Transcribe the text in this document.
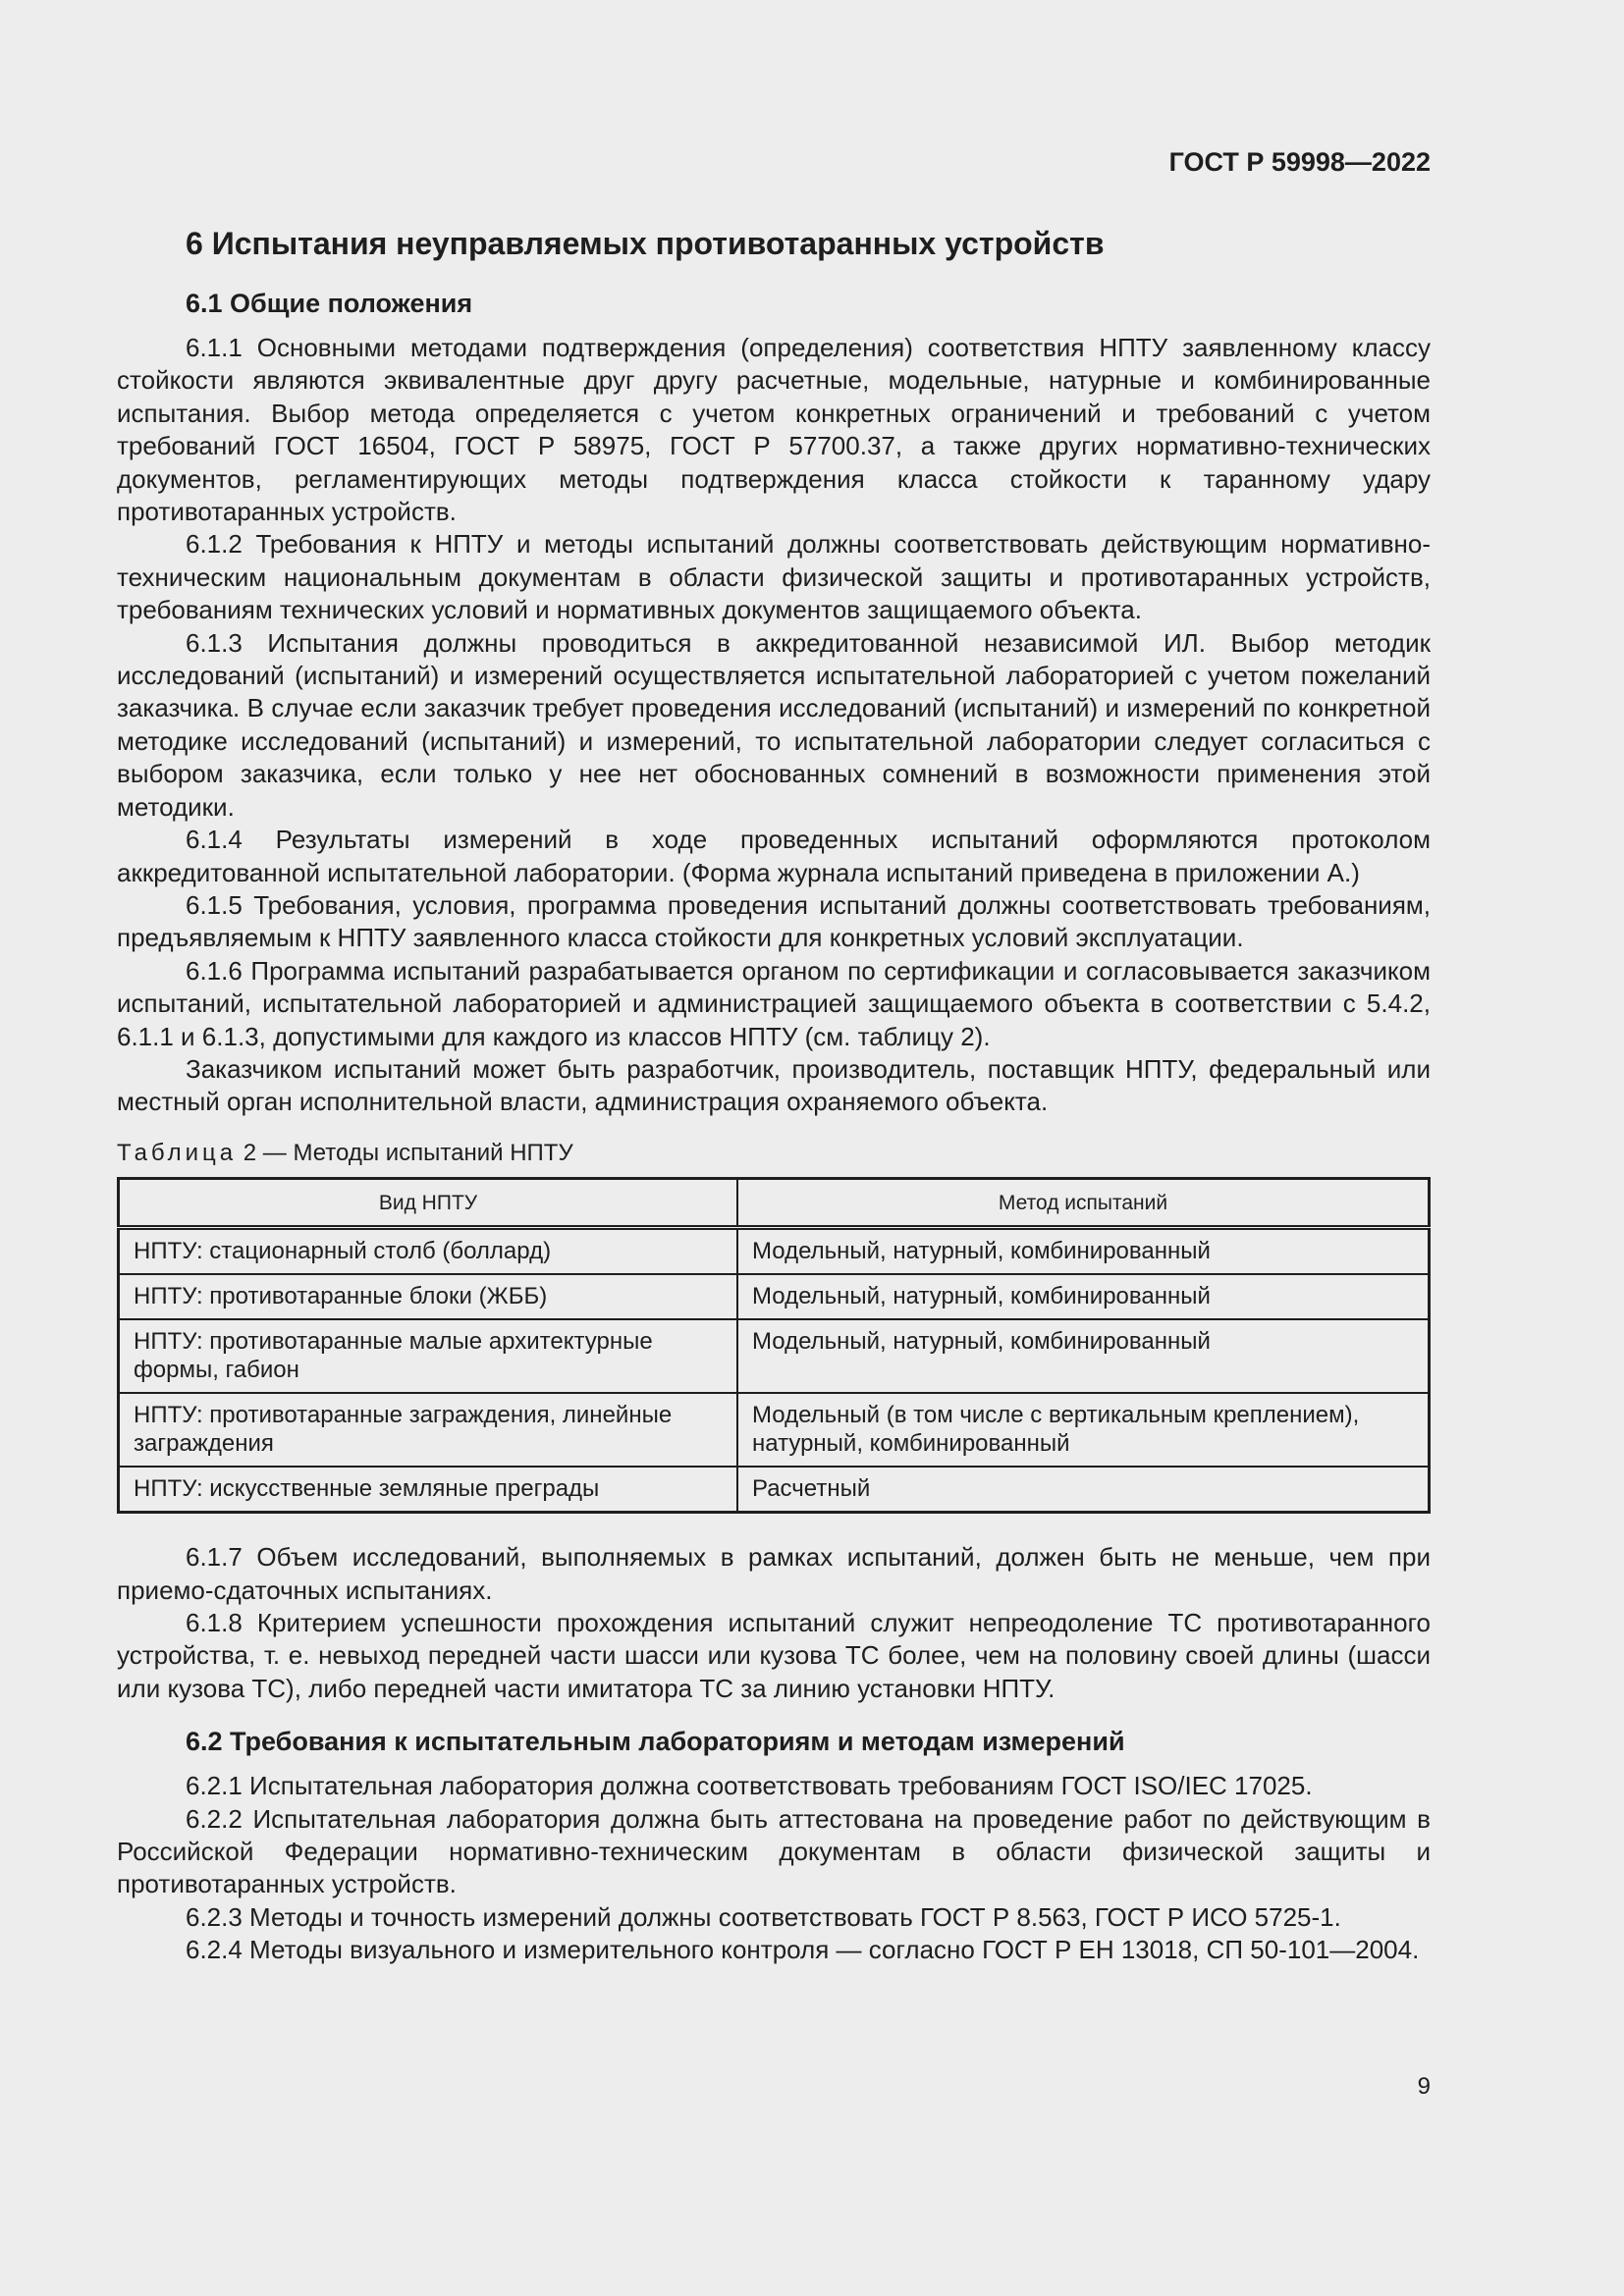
ГОСТ Р 59998—2022
6 Испытания неуправляемых противотаранных устройств
6.1 Общие положения

6.1.1 Основными методами подтверждения (определения) соответствия НПТУ заявленному классу стойкости являются эквивалентные друг другу расчетные, модельные, натурные и комбинированные испытания. Выбор метода определяется с учетом конкретных ограничений и требований с учетом требований ГОСТ 16504, ГОСТ Р 58975, ГОСТ Р 57700.37, а также других нормативно-технических документов, регламентирующих методы подтверждения класса стойкости к таранному удару противотаранных устройств.

6.1.2 Требования к НПТУ и методы испытаний должны соответствовать действующим нормативно-техническим национальным документам в области физической защиты и противотаранных устройств, требованиям технических условий и нормативных документов защищаемого объекта.

6.1.3 Испытания должны проводиться в аккредитованной независимой ИЛ. Выбор методик исследований (испытаний) и измерений осуществляется испытательной лабораторией с учетом пожеланий заказчика. В случае если заказчик требует проведения исследований (испытаний) и измерений по конкретной методике исследований (испытаний) и измерений, то испытательной лаборатории следует согласиться с выбором заказчика, если только у нее нет обоснованных сомнений в возможности применения этой методики.

6.1.4 Результаты измерений в ходе проведенных испытаний оформляются протоколом аккредитованной испытательной лаборатории. (Форма журнала испытаний приведена в приложении А.)

6.1.5 Требования, условия, программа проведения испытаний должны соответствовать требованиям, предъявляемым к НПТУ заявленного класса стойкости для конкретных условий эксплуатации.

6.1.6 Программа испытаний разрабатывается органом по сертификации и согласовывается заказчиком испытаний, испытательной лабораторией и администрацией защищаемого объекта в соответствии с 5.4.2, 6.1.1 и 6.1.3, допустимыми для каждого из классов НПТУ (см. таблицу 2).

Заказчиком испытаний может быть разработчик, производитель, поставщик НПТУ, федеральный или местный орган исполнительной власти, администрация охраняемого объекта.

Таблица 2 — Методы испытаний НПТУ
Вид НПТУ	Метод испытаний
НПТУ: стационарный столб (боллард)	Модельный, натурный, комбинированный
НПТУ: противотаранные блоки (ЖББ)	Модельный, натурный, комбинированный
НПТУ: противотаранные малые архитектурные формы, габион	Модельный, натурный, комбинированный
НПТУ: противотаранные заграждения, линейные заграждения	Модельный (в том числе с вертикальным креплением), натурный, комбинированный
НПТУ: искусственные земляные преграды	Расчетный

6.1.7 Объем исследований, выполняемых в рамках испытаний, должен быть не меньше, чем при приемо-сдаточных испытаниях.

6.1.8 Критерием успешности прохождения испытаний служит непреодоление ТС противотаранного устройства, т. е. невыход передней части шасси или кузова ТС более, чем на половину своей длины (шасси или кузова ТС), либо передней части имитатора ТС за линию установки НПТУ.

6.2 Требования к испытательным лабораториям и методам измерений

6.2.1 Испытательная лаборатория должна соответствовать требованиям ГОСТ ISO/IEC 17025.

6.2.2 Испытательная лаборатория должна быть аттестована на проведение работ по действующим в Российской Федерации нормативно-техническим документам в области физической защиты и противотаранных устройств.

6.2.3 Методы и точность измерений должны соответствовать ГОСТ Р 8.563, ГОСТ Р ИСО 5725-1.

6.2.4 Методы визуального и измерительного контроля — согласно ГОСТ Р ЕН 13018, СП 50-101—2004.

9
